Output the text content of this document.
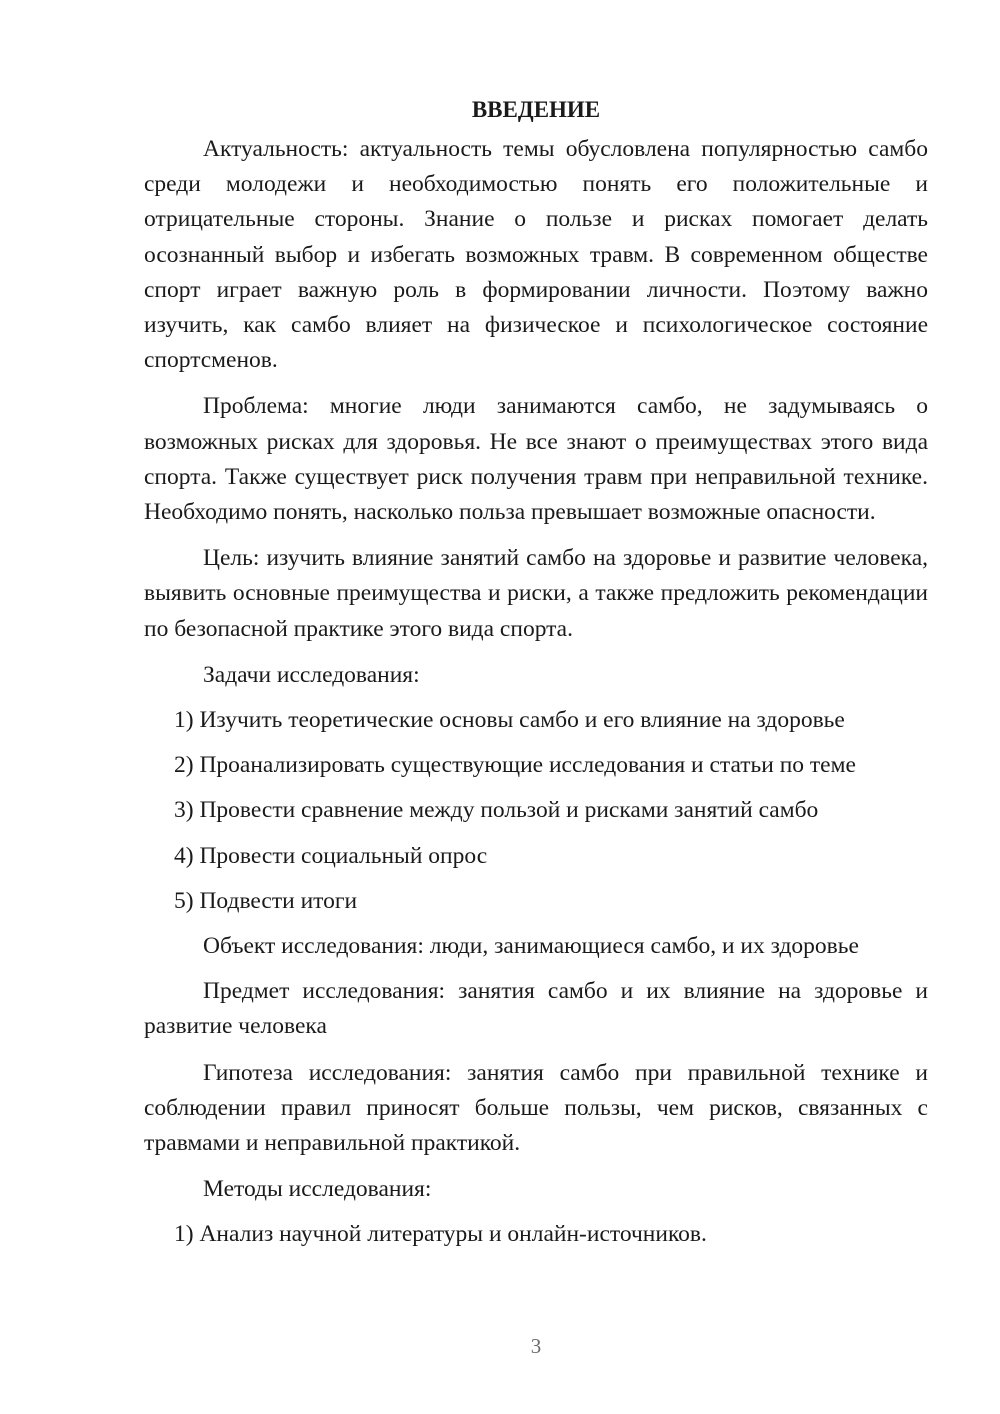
ВВЕДЕНИЕ

Актуальность: актуальность темы обусловлена популярностью самбо среди молодежи и необходимостью понять его положительные и отрицательные стороны. Знание о пользе и рисках помогает делать осознанный выбор и избегать возможных травм. В современном обществе спорт играет важную роль в формировании личности. Поэтому важно изучить, как самбо влияет на физическое и психологическое состояние спортсменов.

Проблема: многие люди занимаются самбо, не задумываясь о возможных рисках для здоровья. Не все знают о преимуществах этого вида спорта. Также существует риск получения травм при неправильной технике. Необходимо понять, насколько польза превышает возможные опасности.

Цель: изучить влияние занятий самбо на здоровье и развитие человека, выявить основные преимущества и риски, а также предложить рекомендации по безопасной практике этого вида спорта.

Задачи исследования:

1) Изучить теоретические основы самбо и его влияние на здоровье

2) Проанализировать существующие исследования и статьи по теме

3) Провести сравнение между пользой и рисками занятий самбо

4) Провести социальный опрос

5) Подвести итоги

Объект исследования: люди, занимающиеся самбо, и их здоровье

Предмет исследования: занятия самбо и их влияние на здоровье и развитие человека

Гипотеза исследования: занятия самбо при правильной технике и соблюдении правил приносят больше пользы, чем рисков, связанных с травмами и неправильной практикой.

Методы исследования:

1) Анализ научной литературы и онлайн-источников.

3
